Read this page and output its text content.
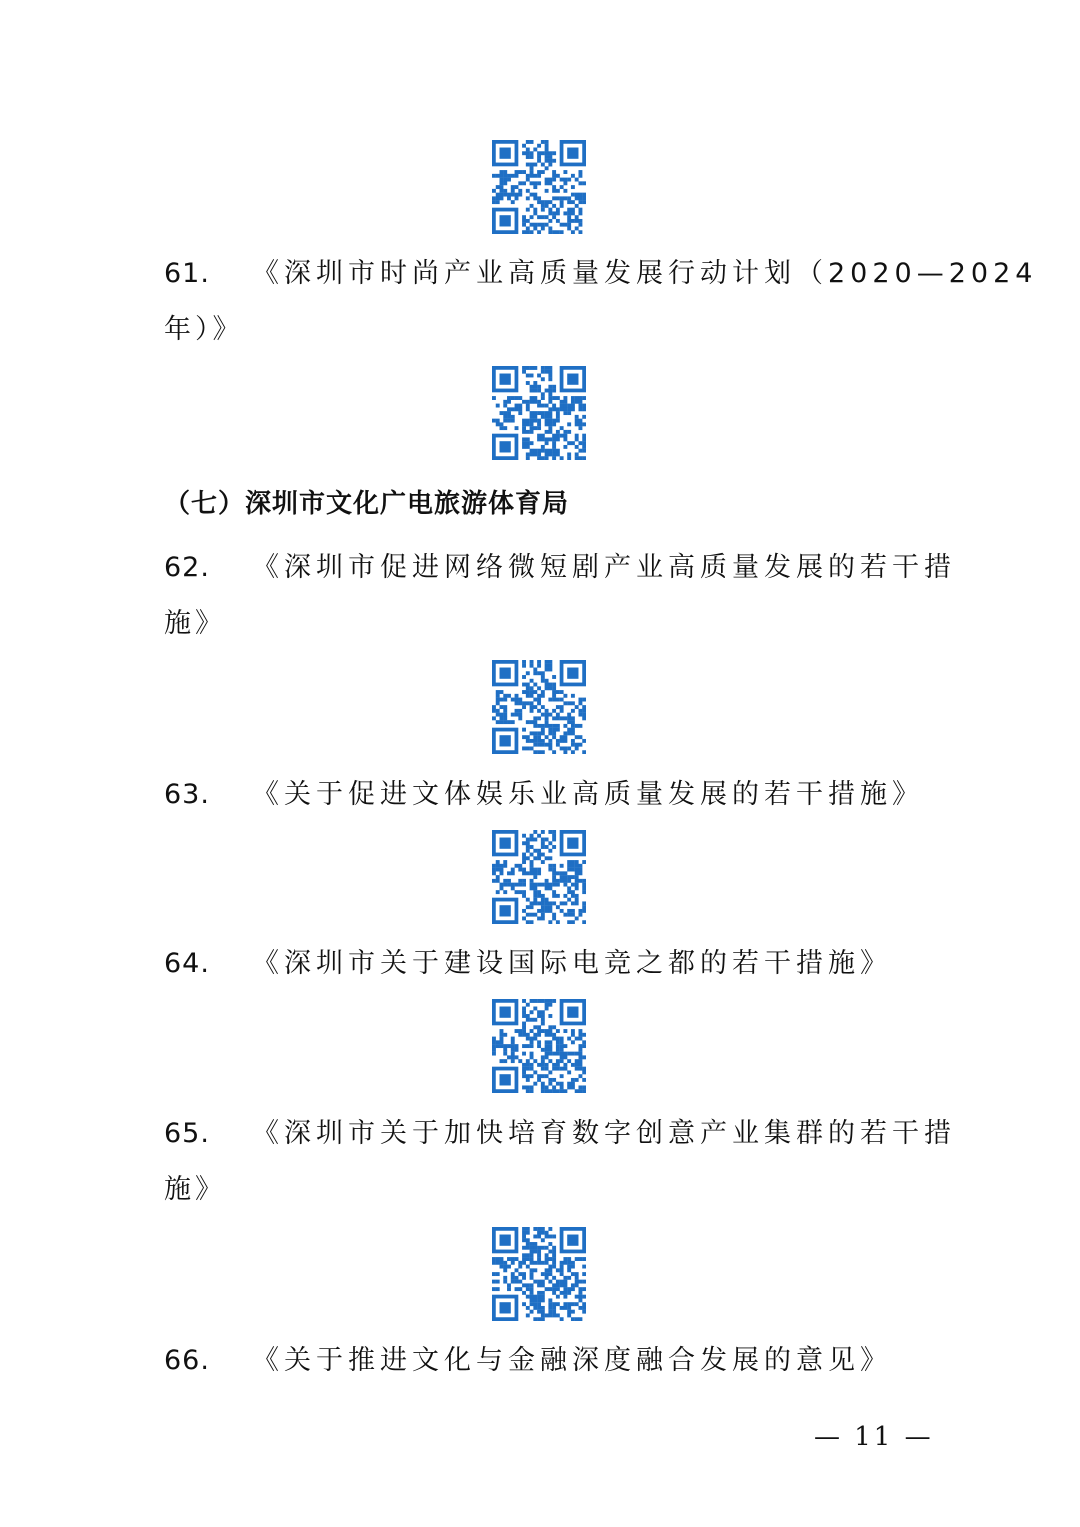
61. 《深圳市时尚产业高质量发展行动计划（2020—2024
年）》
（七）深圳市文化广电旅游体育局
62. 《深圳市促进网络微短剧产业高质量发展的若干措
施》
63. 《关于促进文体娱乐业高质量发展的若干措施》
64. 《深圳市关于建设国际电竞之都的若干措施》
65. 《深圳市关于加快培育数字创意产业集群的若干措
施》
66. 《关于推进文化与金融深度融合发展的意见》
— 11 —
